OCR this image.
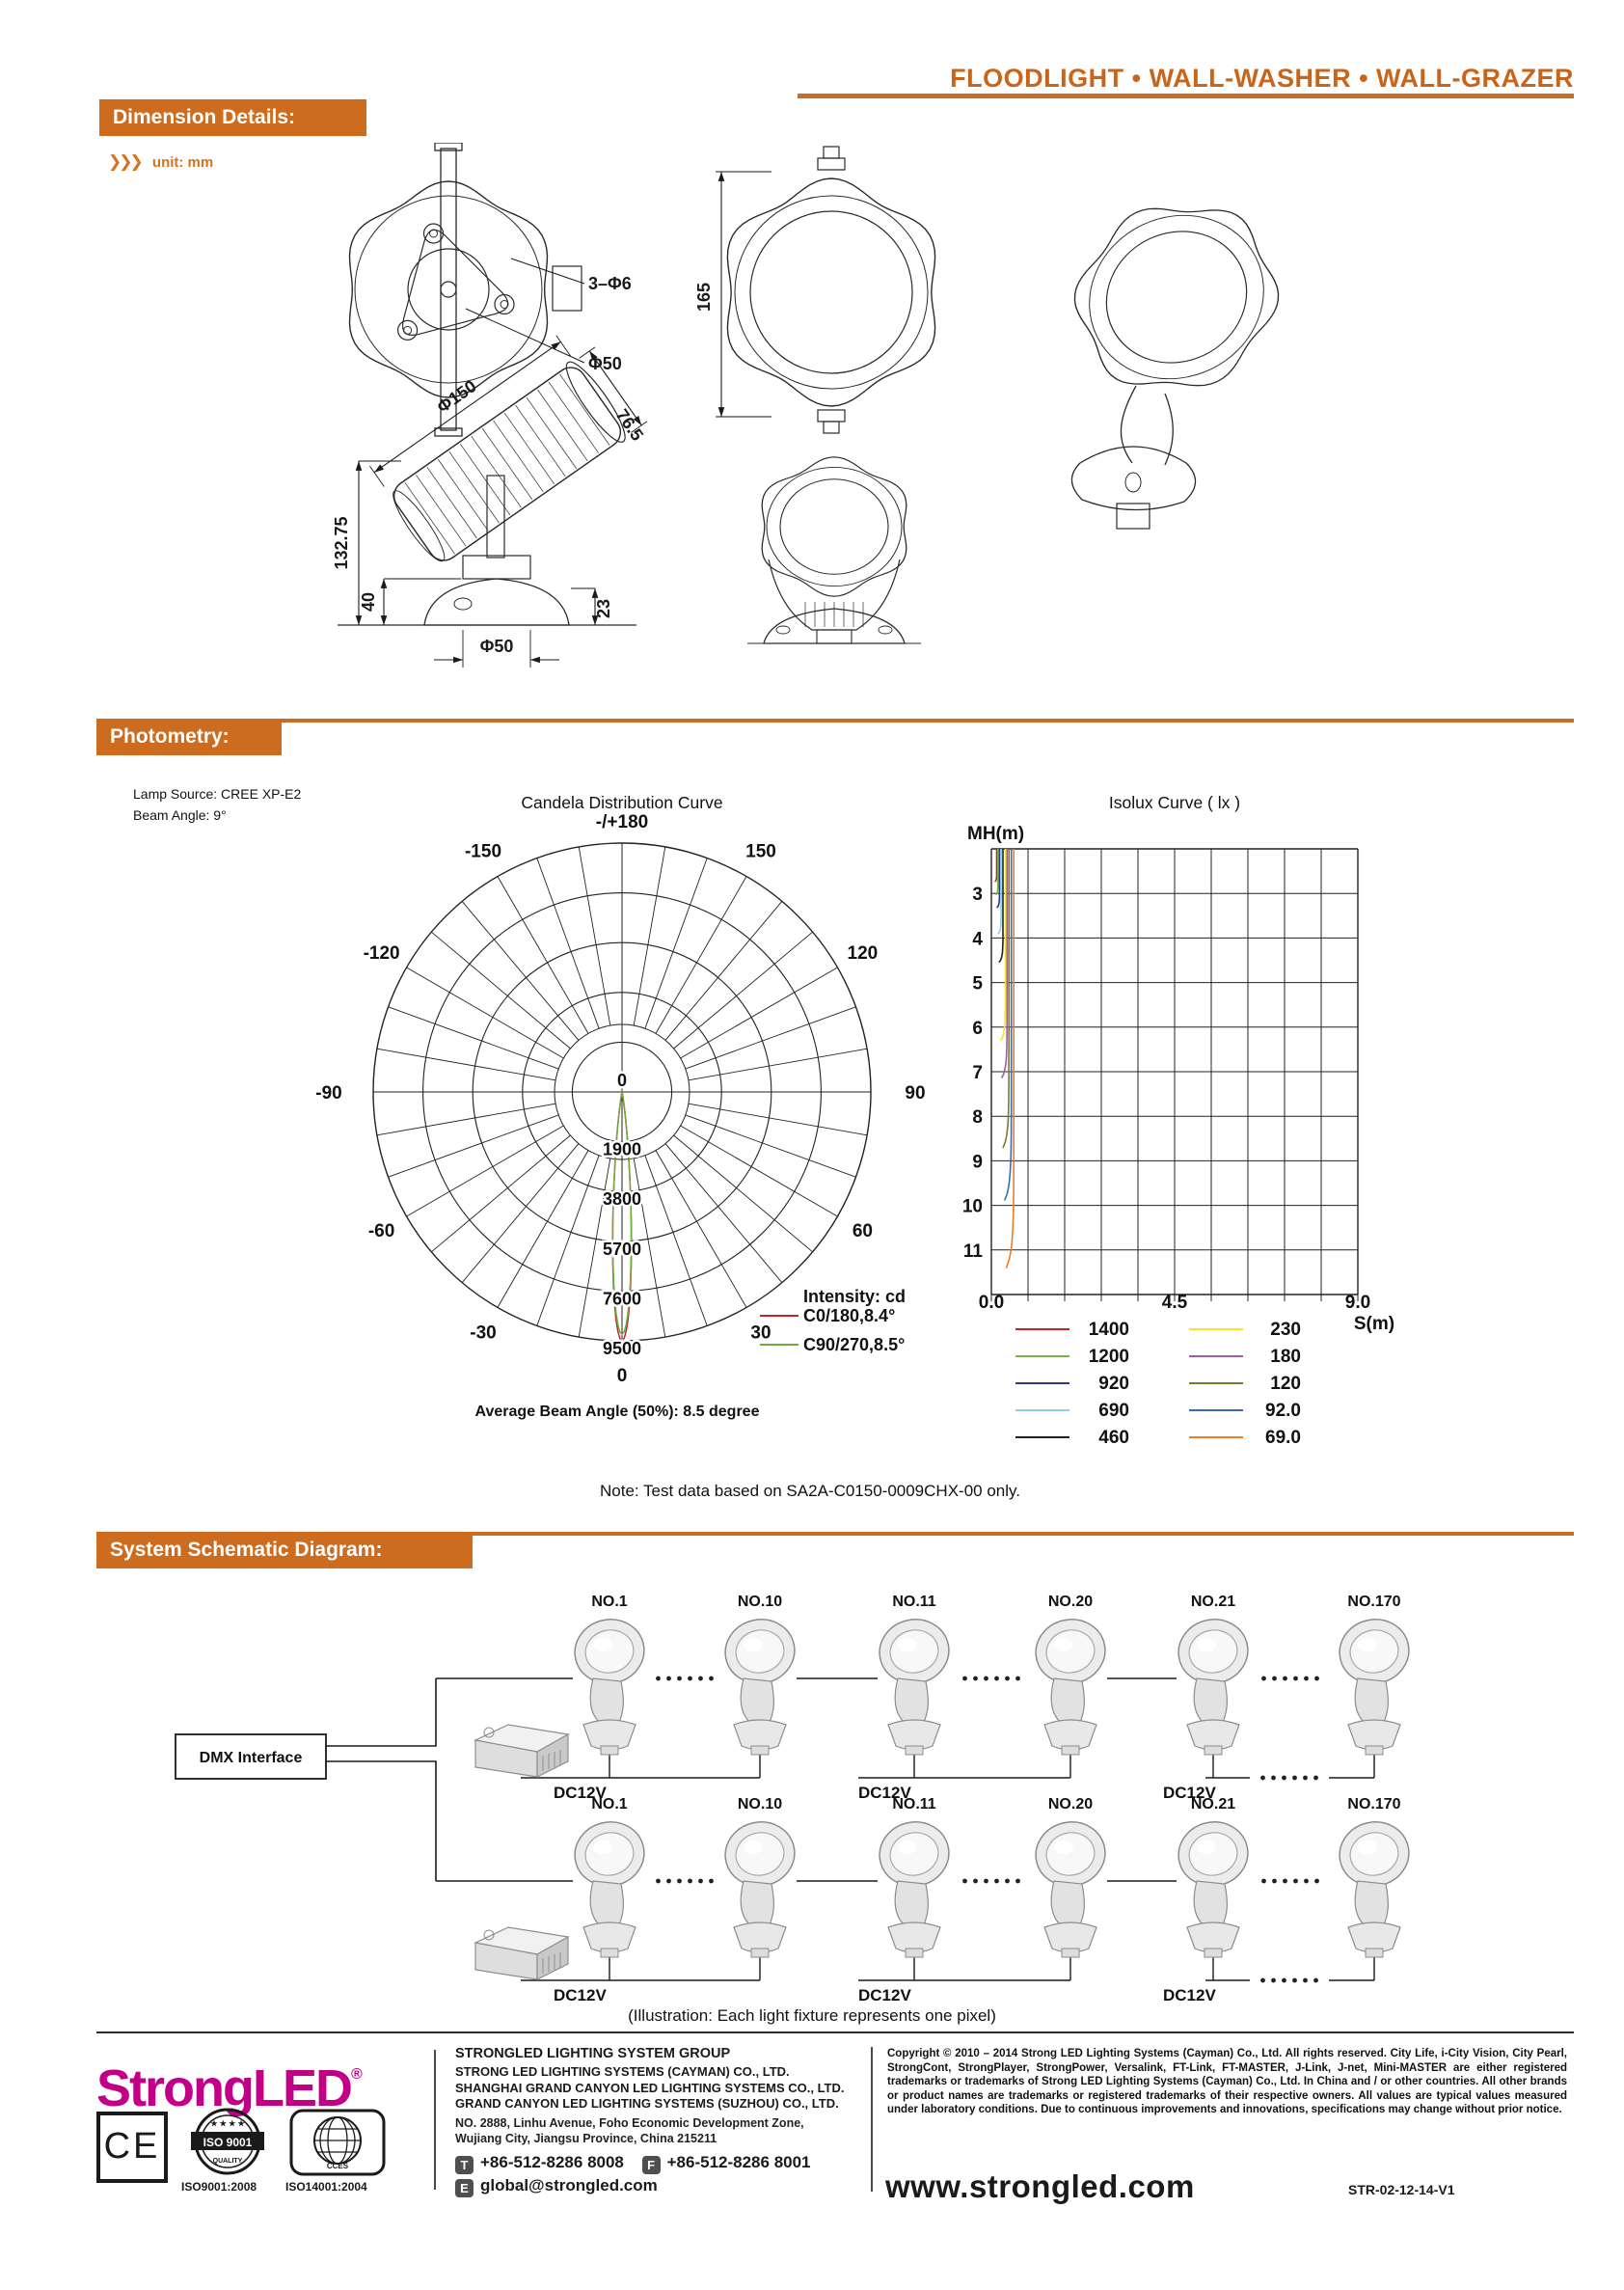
FLOODLIGHT • WALL-WASHER • WALL-GRAZER
Dimension Details:
❯❯❯ unit: mm
3–Φ6
Φ50
165
Φ150
76.5
132.75
40	23
Φ50
Photometry:
Lamp Source: CREE XP-E2
Beam Angle: 9°
Candela Distribution Curve
0
1900
3800
5700
7600
9500
0
30
60
90
120
150
-/+180
-150
-120
-90
-60
-30
Intensity: cd
C0/180,8.4°
C90/270,8.5°
Average Beam Angle (50%): 8.5 degree
Isolux Curve ( lx )
MH(m)
3
4
5
6
7
8
9
10
11
0.0	4.5	9.0
S(m)
1400
1200
920
690
460
230
180
120
92.0
69.0
Note: Test data based on SA2A-C0150-0009CHX-00 only.
System Schematic Diagram:
DMX Interface
NO.1	NO.10	NO.11	NO.20	NO.21	NO.170
DC12V	DC12V	DC12V
NO.1	NO.10	NO.11	NO.20	NO.21	NO.170
DC12V	DC12V	DC12V
(Illustration: Each light fixture represents one pixel)
StrongLED®
CE	ISO 9001
★ ★ ★ ★
QUALITY
ISO9001:2008
CCES
ISO14001:2004
STRONGLED LIGHTING SYSTEM GROUP
STRONG LED LIGHTING SYSTEMS (CAYMAN) CO., LTD.
SHANGHAI GRAND CANYON LED LIGHTING SYSTEMS CO., LTD.
GRAND CANYON LED LIGHTING SYSTEMS (SUZHOU) CO., LTD.
NO. 2888, Linhu Avenue, Foho Economic Development Zone,
Wujiang City, Jiangsu Province, China 215211
T +86-512-8286 8008 F +86-512-8286 8001
E global@strongled.com
Copyright © 2010 – 2014 Strong LED Lighting Systems (Cayman) Co., Ltd. All rights reserved. City Life, i-City Vision, City Pearl, StrongCont, StrongPlayer, StrongPower, Versalink, FT-Link, FT-MASTER, J-Link, J-net, Mini-MASTER are either registered trademarks or trademarks of Strong LED Lighting Systems (Cayman) Co., Ltd. In China and / or other countries. All other brands or product names are trademarks or registered trademarks of their respective owners. All values are typical values measured under laboratory conditions. Due to continuous improvements and innovations, specifications may change without prior notice.
www.strongled.com	STR-02-12-14-V1
